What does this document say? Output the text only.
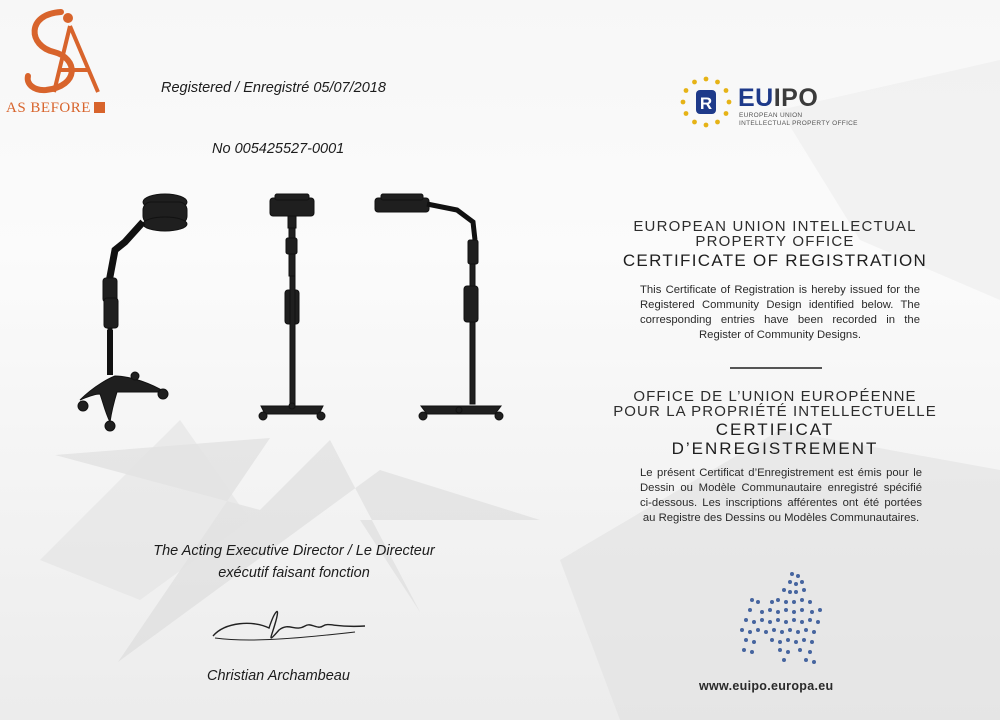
AS BEFORE
Registered / Enregistré 05/07/2018
No 005425527-0001
R EUIPO
EUROPEAN UNION
INTELLECTUAL PROPERTY OFFICE
EUROPEAN UNION INTELLECTUAL
PROPERTY OFFICE
CERTIFICATE OF REGISTRATION
This Certificate of Registration is hereby issued for the Registered Community Design identified below. The corresponding entries have been recorded in the Register of Community Designs.
OFFICE DE L’UNION EUROPÉENNE
POUR LA PROPRIÉTÉ INTELLECTUELLE
CERTIFICAT
D’ENREGISTREMENT
Le présent Certificat d’Enregistrement est émis pour le Dessin ou Modèle Communautaire enregistré spécifié ci-dessous. Les inscriptions afférentes ont été portées au Registre des Dessins ou Modèles Communautaires.
The Acting Executive Director / Le Directeur
exécutif faisant fonction
Christian Archambeau
www.euipo.europa.eu
